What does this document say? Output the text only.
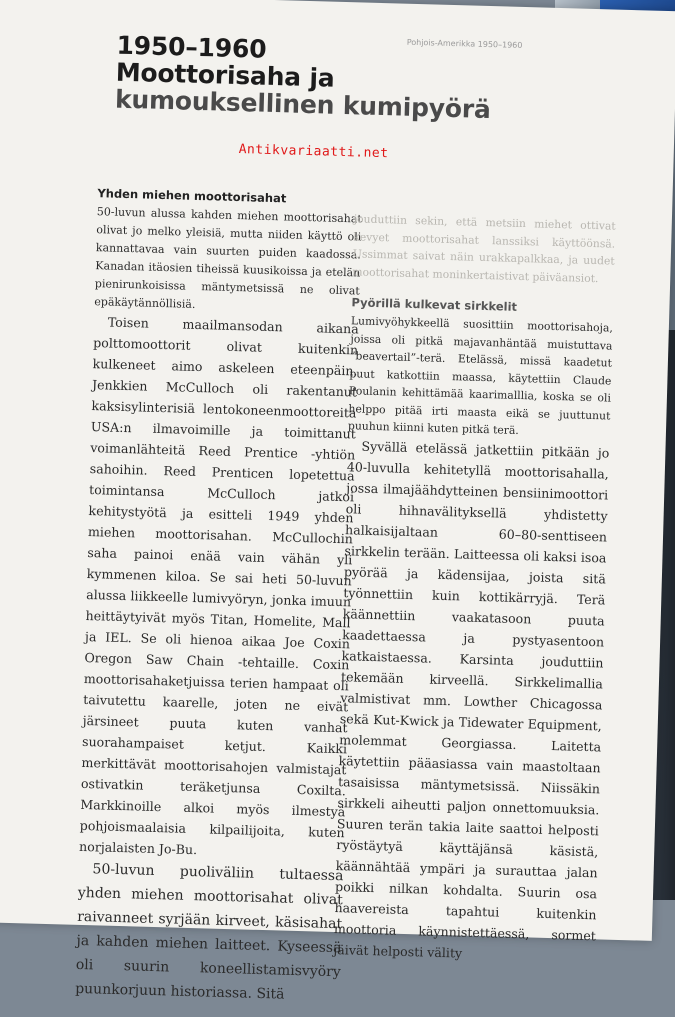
Pohjois-Amerikka 1950–1960
1950–1960
Moottorisaha ja
kumouksellinen kumipyörä
Antikvariaatti.net
Yhden miehen moottorisahat

50-luvun alussa kahden miehen moottorisahat olivat jo melko yleisiä, mutta niiden käyttö oli kannattavaa vain suurten puiden kaadossa. Kanadan itäosien tiheissä kuusikoissa ja etelän pienirunkoisissa mäntymetsissä ne olivat epäkäytännöllisiä.

Toisen maailmansodan aikana polttomoottorit olivat kuitenkin kulkeneet aimo askeleen eteenpäin. Jenkkien McCulloch oli rakentanut kaksisylinterisiä lentokoneenmoottoreita USA:n ilmavoimille ja toimittanut voimanlähteitä Reed Prentice -yhtiön sahoihin. Reed Prenticen lopetettua toimintansa McCulloch jatkoi kehitystyötä ja esitteli 1949 yhden miehen moottorisahan. McCullochin saha painoi enää vain vähän yli kymmenen kiloa. Se sai heti 50-luvun alussa liikkeelle lumivyöryn, jonka imuun heittäytyivät myös Titan, Homelite, Mall ja IEL. Se oli hienoa aikaa Joe Coxin Oregon Saw Chain -tehtaille. Coxin moottorisahaketjuissa terien hampaat oli taivutettu kaarelle, joten ne eivät järsineet puuta kuten vanhat suorahampaiset ketjut. Kaikki merkittävät moottorisahojen valmistajat ostivatkin teräketjunsa Coxilta. Markkinoille alkoi myös ilmestyä pohjoismaalaisia kilpailijoita, kuten norjalaisten Jo-Bu.

50-luvun puoliväliin tultaessa yhden miehen moottorisahat olivat raivanneet syrjään kirveet, käsisahat ja kahden miehen laitteet. Kyseessä oli suurin koneellistamisvyöry puunkorjuun historiassa. Sitä

jouduttiin sekin, että metsiin miehet ottivat kevyet moottorisahat lanssiksi käyttöönsä. Ussimmat saivat näin urakkapalkkaa, ja uudet moottorisahat moninkertaistivat päiväansiot.

Pyörillä kulkevat sirkkelit

Lumivyöhykkeellä suosittiin moottorisahoja, joissa oli pitkä majavanhäntää muistuttava ”beavertail”-terä. Etelässä, missä kaadetut puut katkottiin maassa, käytettiin Claude Poulanin kehittämää kaarimalllia, koska se oli helppo pitää irti maasta eikä se juuttunut puuhun kiinni kuten pitkä terä.

Syvällä etelässä jatkettiin pitkään jo 40-luvulla kehitetyllä moottorisahalla, jossa ilmajäähdytteinen bensiinimoottori oli hihnavälityksellä yhdistetty halkaisijaltaan 60–80-senttiseen sirkkelin terään. Laitteessa oli kaksi isoa pyörää ja kädensijaa, joista sitä työnnettiin kuin kottikärryjä. Terä käännettiin vaakatasoon puuta kaadettaessa ja pystyasentoon katkaistaessa. Karsinta jouduttiin tekemään kirveellä. Sirkkelimallia valmistivat mm. Lowther Chicagossa sekä Kut-Kwick ja Tidewater Equipment, molemmat Georgiassa. Laitetta käytettiin pääasiassa vain maastoltaan tasaisissa mäntymetsissä. Niissäkin sirkkeli aiheutti paljon onnettomuuksia. Suuren terän takia laite saattoi helposti ryöstäytyä käyttäjänsä käsistä, käännähtää ympäri ja surauttaa jalan poikki nilkan kohdalta. Suurin osa haavereista tapahtui kuitenkin moottoria käynnistettäessä, sormet jäivät helposti välity
